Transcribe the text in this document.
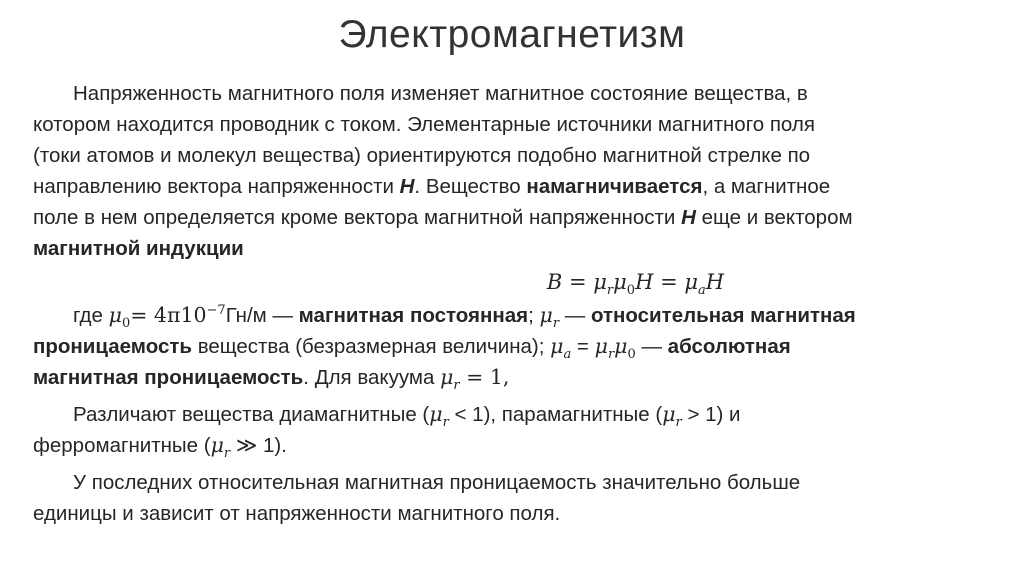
Электромагнетизм

Напряженность магнитного поля изменяет магнитное состояние вещества, в
котором находится проводник с током. Элементарные источники магнитного поля
(токи атомов и молекул вещества) ориентируются подобно магнитной стрелке по
направлению вектора напряженности H. Вещество намагничивается, а магнитное
поле в нем определяется кроме вектора магнитной напряженности H еще и вектором
магнитной индукции

$B = \mu_r\mu_0H = \mu_aH$

где $\mu_0= 4\pi 10^{-7}Гн/м$ — магнитная постоянная; $\mu_r$ — относительная магнитная
проницаемость вещества (безразмерная величина); $\mu_a = \mu_r\mu_0$ — абсолютная
магнитная проницаемость. Для вакуума $\mu_r = 1$,

Различают вещества диамагнитные $(\mu_r < 1)$, парамагнитные $(\mu_r > 1)$ и
ферромагнитные ($\mu_r$ ≫ 1).

У последних относительная магнитная проницаемость значительно больше
единицы и зависит от напряженности магнитного поля.
